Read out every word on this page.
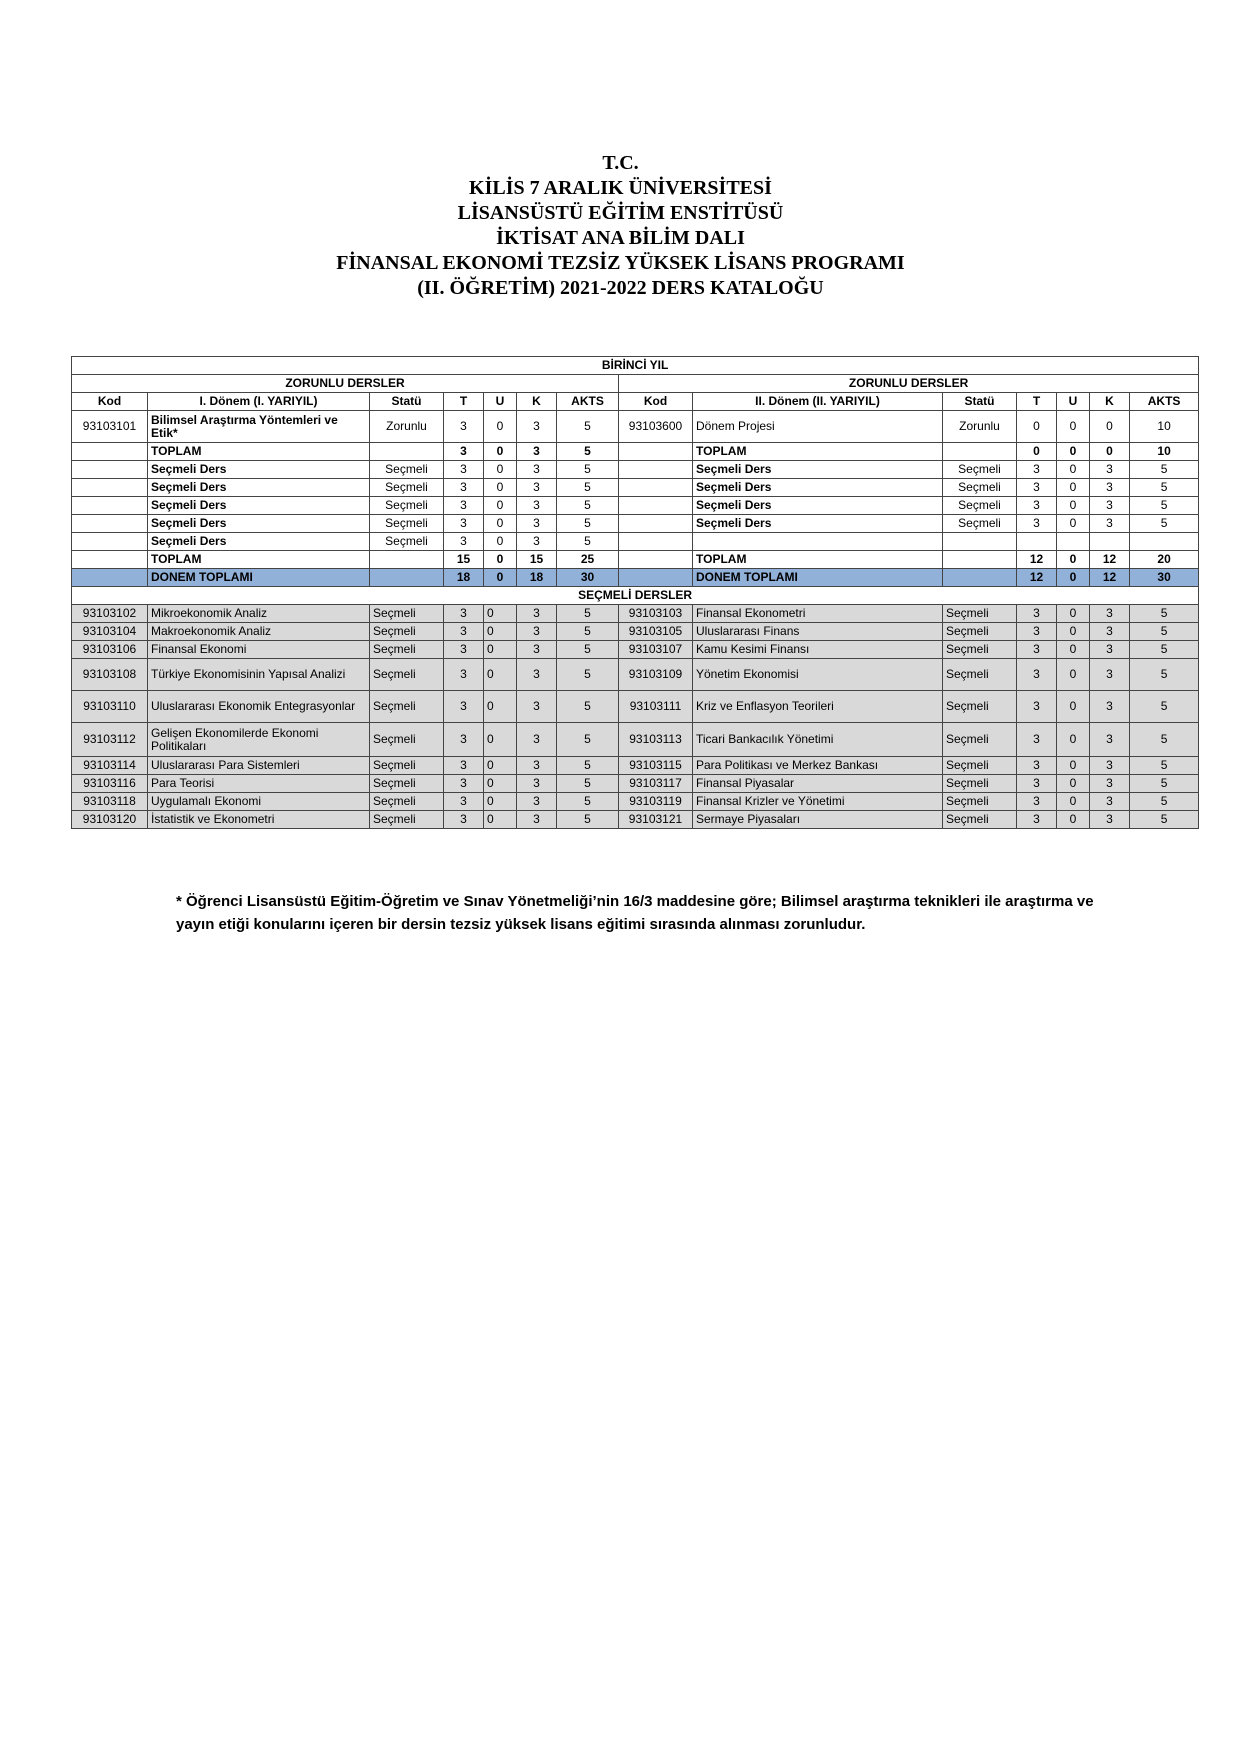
T.C.
KİLİS 7 ARALIK ÜNİVERSİTESİ
LİSANSÜSTÜ EĞİTİM ENSTİTÜSÜ
İKTİSAT ANA BİLİM DALI
FİNANSAL EKONOMİ TEZSİZ YÜKSEK LİSANS PROGRAMI
(II. ÖĞRETİM) 2021-2022 DERS KATALOĞU
BİRİNCİ YIL													
ZORUNLU DERSLER							ZORUNLU DERSLER						
Kod	I. Dönem (I. YARIYIL)	Statü	T	U	K	AKTS	Kod	II. Dönem (II. YARIYIL)	Statü	T	U	K	AKTS
93103101	Bilimsel Araştırma Yöntemleri ve Etik*	Zorunlu	3	0	3	5	93103600	Dönem Projesi	Zorunlu	0	0	0	10
	TOPLAM		3	0	3	5		TOPLAM		0	0	0	10
	Seçmeli Ders	Seçmeli	3	0	3	5		Seçmeli Ders	Seçmeli	3	0	3	5
	Seçmeli Ders	Seçmeli	3	0	3	5		Seçmeli Ders	Seçmeli	3	0	3	5
	Seçmeli Ders	Seçmeli	3	0	3	5		Seçmeli Ders	Seçmeli	3	0	3	5
	Seçmeli Ders	Seçmeli	3	0	3	5		Seçmeli Ders	Seçmeli	3	0	3	5
	Seçmeli Ders	Seçmeli	3	0	3	5							
	TOPLAM		15	0	15	25		TOPLAM		12	0	12	20
	DONEM TOPLAMI		18	0	18	30		DONEM TOPLAMI		12	0	12	30
SEÇMELİ DERSLER													
93103102	Mikroekonomik Analiz	Seçmeli	3	0	3	5	93103103	Finansal Ekonometri	Seçmeli	3	0	3	5
93103104	Makroekonomik Analiz	Seçmeli	3	0	3	5	93103105	Uluslararası Finans	Seçmeli	3	0	3	5
93103106	Finansal Ekonomi	Seçmeli	3	0	3	5	93103107	Kamu Kesimi Finansı	Seçmeli	3	0	3	5
93103108	Türkiye Ekonomisinin Yapısal Analizi	Seçmeli	3	0	3	5	93103109	Yönetim Ekonomisi	Seçmeli	3	0	3	5
93103110	Uluslararası Ekonomik Entegrasyonlar	Seçmeli	3	0	3	5	93103111	Kriz ve Enflasyon Teorileri	Seçmeli	3	0	3	5
93103112	Gelişen Ekonomilerde Ekonomi Politikaları	Seçmeli	3	0	3	5	93103113	Ticari Bankacılık Yönetimi	Seçmeli	3	0	3	5
93103114	Uluslararası Para Sistemleri	Seçmeli	3	0	3	5	93103115	Para Politikası ve Merkez Bankası	Seçmeli	3	0	3	5
93103116	Para Teorisi	Seçmeli	3	0	3	5	93103117	Finansal Piyasalar	Seçmeli	3	0	3	5
93103118	Uygulamalı Ekonomi	Seçmeli	3	0	3	5	93103119	Finansal Krizler ve Yönetimi	Seçmeli	3	0	3	5
93103120	İstatistik ve Ekonometri	Seçmeli	3	0	3	5	93103121	Sermaye Piyasaları	Seçmeli	3	0	3	5
* Öğrenci Lisansüstü Eğitim-Öğretim ve Sınav Yönetmeliği’nin 16/3 maddesine göre; Bilimsel araştırma teknikleri ile araştırma ve yayın etiği konularını içeren bir dersin tezsiz yüksek lisans eğitimi sırasında alınması zorunludur.
